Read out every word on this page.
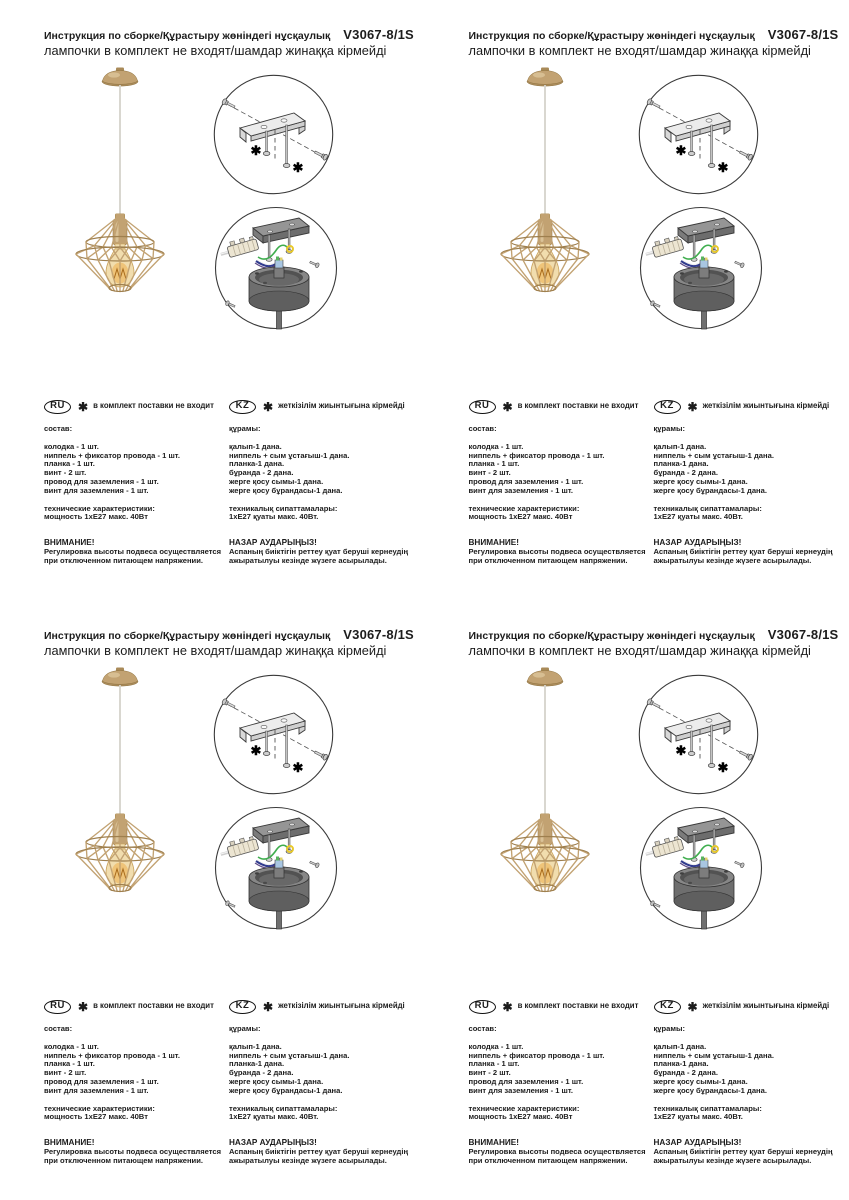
Инструкция по сборке/Құрастыру жөніндегі нұсқаулық V3067-8/1S
лампочки в комплект не входят/шамдар жинаққа кірмейді
✱
✱
RU	✱ в комплект поставки не входит
состав:
колодка - 1 шт.
ниппель + фиксатор провода - 1 шт.
планка - 1 шт.
винт - 2 шт.
провод для заземления - 1 шт.
винт для заземления - 1 шт.
технические характеристики:
мощность 1хЕ27 макс. 40Вт
ВНИМАНИЕ!
Регулировка высоты подвеса осуществляется
при отключенном питающем напряжении.
KZ	✱ жеткізілім жиынтығына кірмейді
құрамы:
қалып-1 дана.
ниппель + сым ұстағыш-1 дана.
планка-1 дана.
бұранда - 2 дана.
жерге қосу сымы-1 дана.
жерге қосу бұрандасы-1 дана.
техникалық сипаттамалары:
1хЕ27 қуаты макс. 40Вт.
НАЗАР АУДАРЫҢЫЗ!
Аспаның биіктігін реттеу қуат беруші кернеудің
ажыратылуы кезінде жүзеге асырылады.
Инструкция по сборке/Құрастыру жөніндегі нұсқаулық V3067-8/1S
лампочки в комплект не входят/шамдар жинаққа кірмейді
✱
✱
RU	✱ в комплект поставки не входит
состав:
колодка - 1 шт.
ниппель + фиксатор провода - 1 шт.
планка - 1 шт.
винт - 2 шт.
провод для заземления - 1 шт.
винт для заземления - 1 шт.
технические характеристики:
мощность 1хЕ27 макс. 40Вт
ВНИМАНИЕ!
Регулировка высоты подвеса осуществляется
при отключенном питающем напряжении.
KZ	✱ жеткізілім жиынтығына кірмейді
құрамы:
қалып-1 дана.
ниппель + сым ұстағыш-1 дана.
планка-1 дана.
бұранда - 2 дана.
жерге қосу сымы-1 дана.
жерге қосу бұрандасы-1 дана.
техникалық сипаттамалары:
1хЕ27 қуаты макс. 40Вт.
НАЗАР АУДАРЫҢЫЗ!
Аспаның биіктігін реттеу қуат беруші кернеудің
ажыратылуы кезінде жүзеге асырылады.
Инструкция по сборке/Құрастыру жөніндегі нұсқаулық V3067-8/1S
лампочки в комплект не входят/шамдар жинаққа кірмейді
✱
✱
RU	✱ в комплект поставки не входит
состав:
колодка - 1 шт.
ниппель + фиксатор провода - 1 шт.
планка - 1 шт.
винт - 2 шт.
провод для заземления - 1 шт.
винт для заземления - 1 шт.
технические характеристики:
мощность 1хЕ27 макс. 40Вт
ВНИМАНИЕ!
Регулировка высоты подвеса осуществляется
при отключенном питающем напряжении.
KZ	✱ жеткізілім жиынтығына кірмейді
құрамы:
қалып-1 дана.
ниппель + сым ұстағыш-1 дана.
планка-1 дана.
бұранда - 2 дана.
жерге қосу сымы-1 дана.
жерге қосу бұрандасы-1 дана.
техникалық сипаттамалары:
1хЕ27 қуаты макс. 40Вт.
НАЗАР АУДАРЫҢЫЗ!
Аспаның биіктігін реттеу қуат беруші кернеудің
ажыратылуы кезінде жүзеге асырылады.
Инструкция по сборке/Құрастыру жөніндегі нұсқаулық V3067-8/1S
лампочки в комплект не входят/шамдар жинаққа кірмейді
✱
✱
RU	✱ в комплект поставки не входит
состав:
колодка - 1 шт.
ниппель + фиксатор провода - 1 шт.
планка - 1 шт.
винт - 2 шт.
провод для заземления - 1 шт.
винт для заземления - 1 шт.
технические характеристики:
мощность 1хЕ27 макс. 40Вт
ВНИМАНИЕ!
Регулировка высоты подвеса осуществляется
при отключенном питающем напряжении.
KZ	✱ жеткізілім жиынтығына кірмейді
құрамы:
қалып-1 дана.
ниппель + сым ұстағыш-1 дана.
планка-1 дана.
бұранда - 2 дана.
жерге қосу сымы-1 дана.
жерге қосу бұрандасы-1 дана.
техникалық сипаттамалары:
1хЕ27 қуаты макс. 40Вт.
НАЗАР АУДАРЫҢЫЗ!
Аспаның биіктігін реттеу қуат беруші кернеудің
ажыратылуы кезінде жүзеге асырылады.
